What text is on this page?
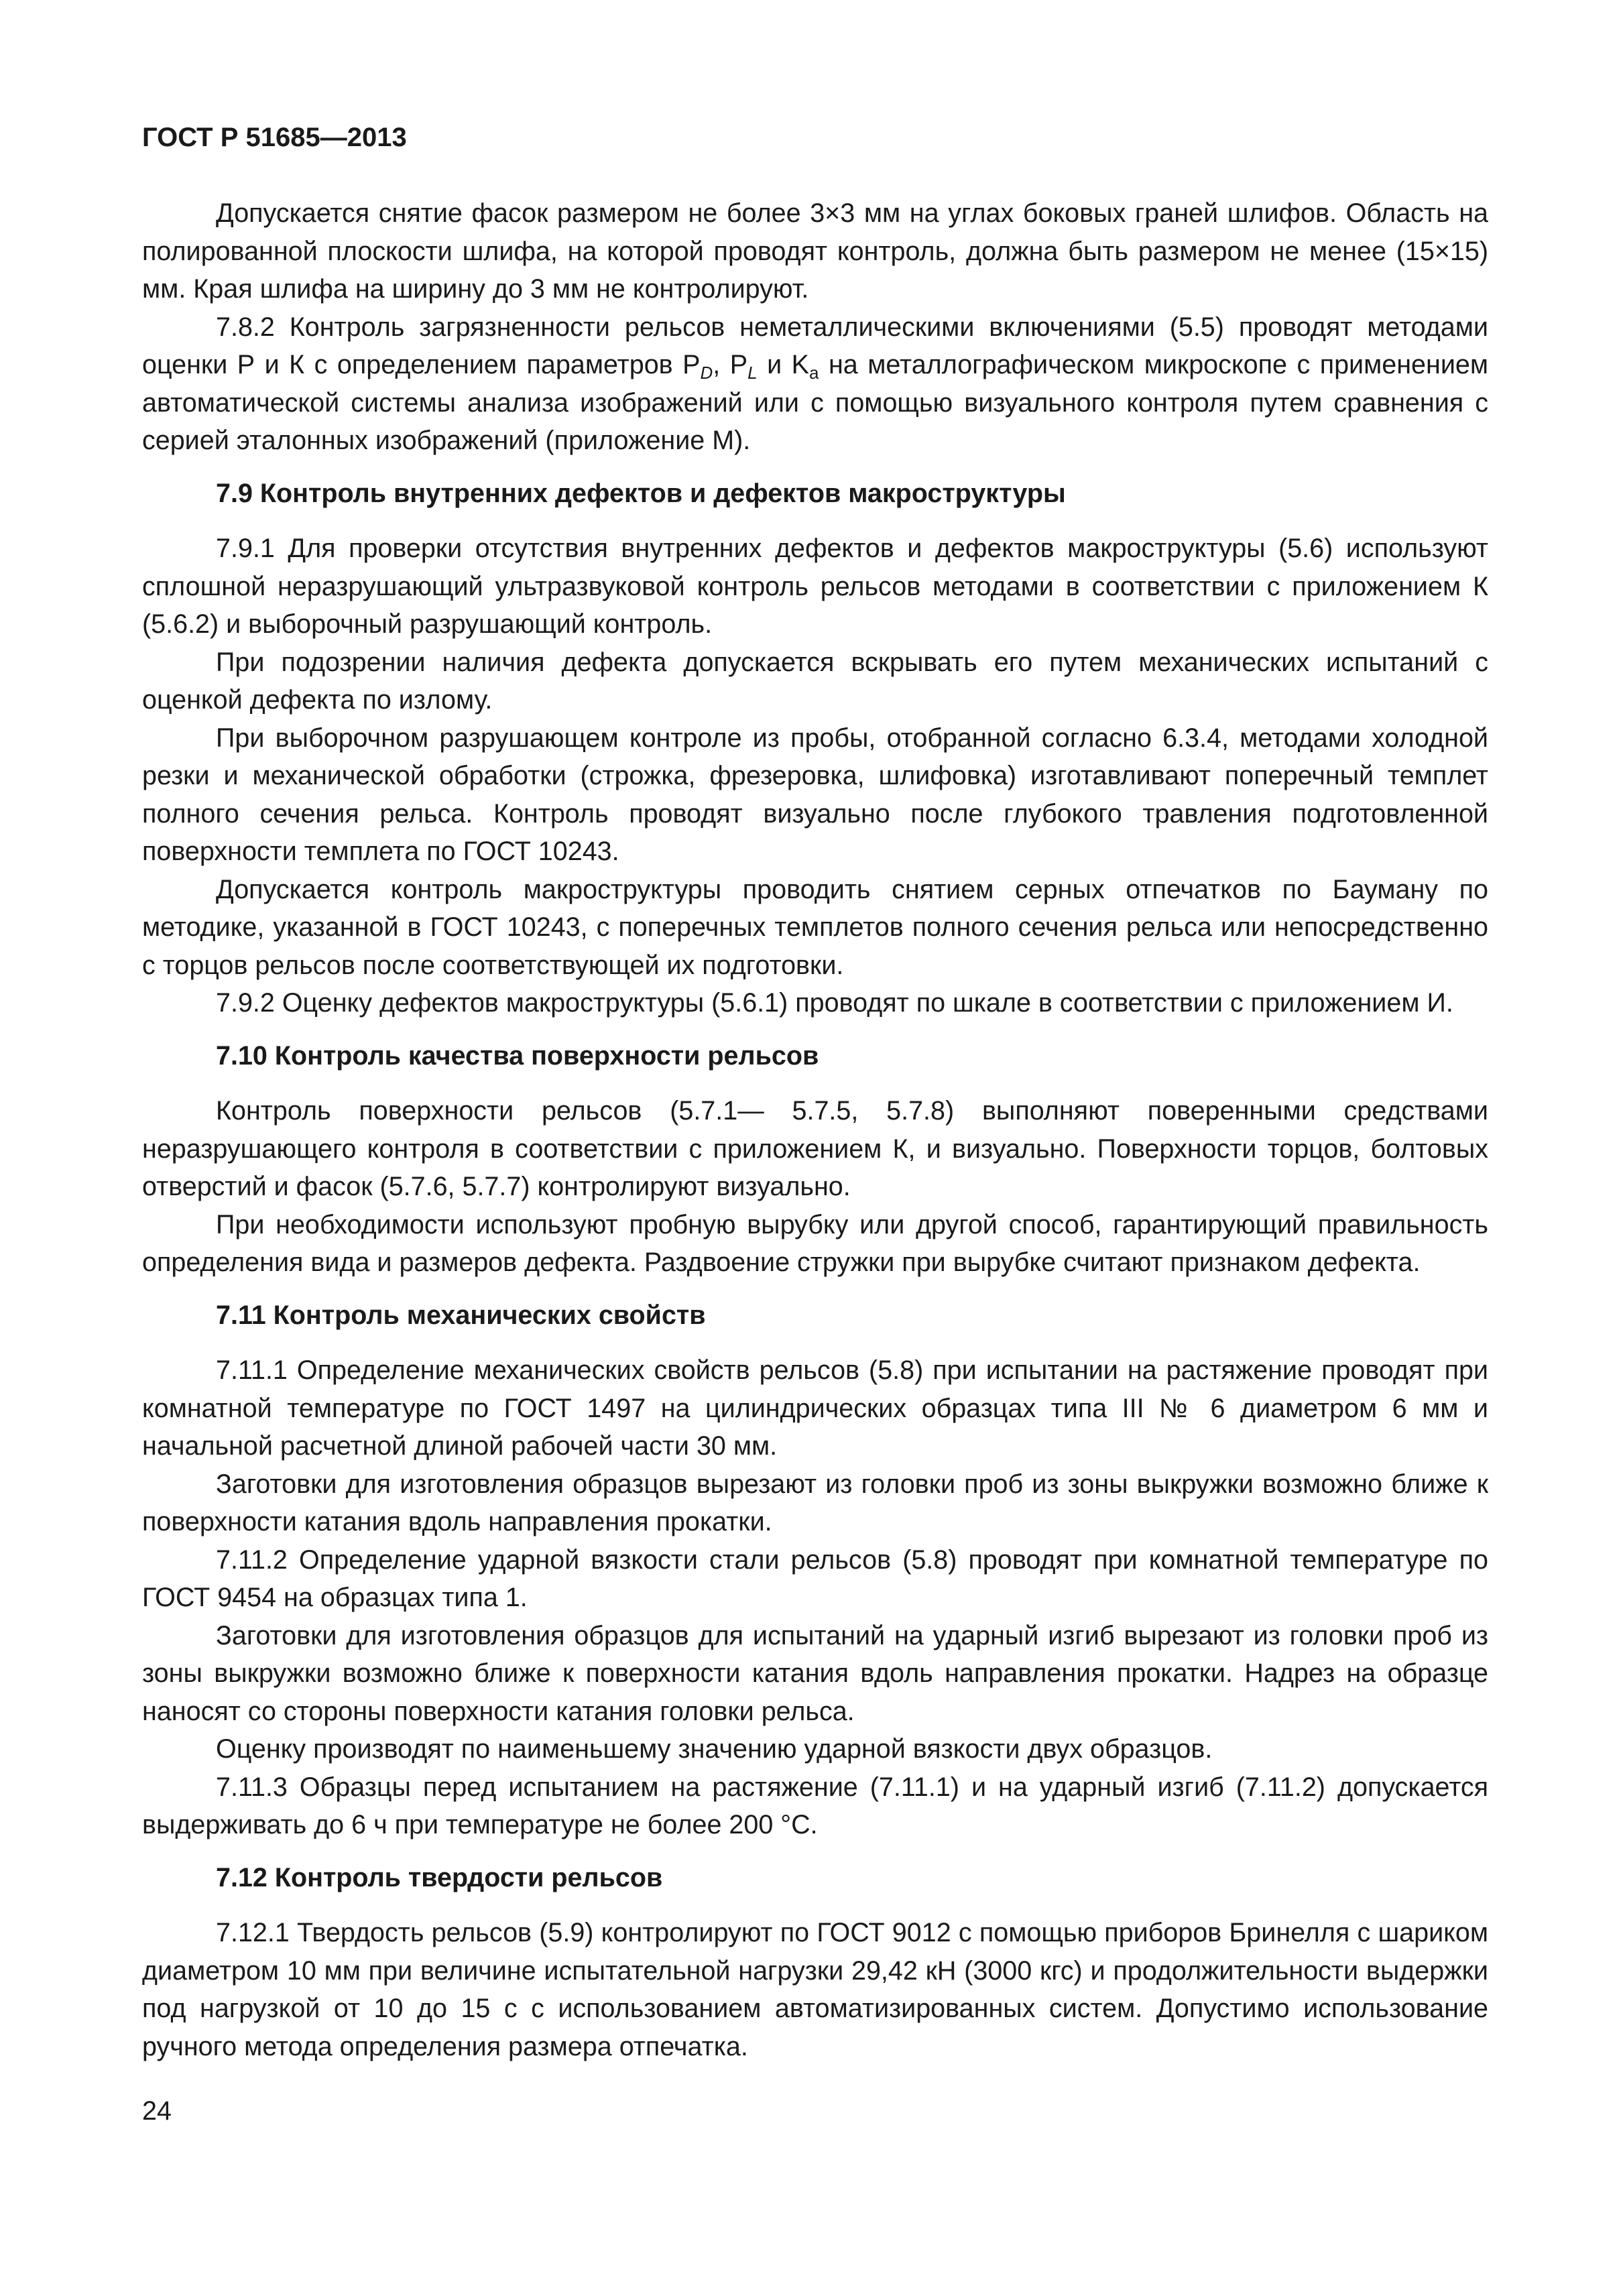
ГОСТ Р 51685—2013

Допускается снятие фасок размером не более 3×3 мм на углах боковых граней шлифов. Область на полированной плоскости шлифа, на которой проводят контроль, должна быть размером не менее (15×15) мм. Края шлифа на ширину до 3 мм не контролируют.

7.8.2 Контроль загрязненности рельсов неметаллическими включениями (5.5) проводят методами оценки Р и К с определением параметров $P_D$, $P_L$ и $K_a$ на металлографическом микроскопе с применением автоматической системы анализа изображений или с помощью визуального контроля путем сравнения с серией эталонных изображений (приложение М).

7.9 Контроль внутренних дефектов и дефектов макроструктуры

7.9.1 Для проверки отсутствия внутренних дефектов и дефектов макроструктуры (5.6) используют сплошной неразрушающий ультразвуковой контроль рельсов методами в соответствии с приложением К (5.6.2) и выборочный разрушающий контроль.

При подозрении наличия дефекта допускается вскрывать его путем механических испытаний с оценкой дефекта по излому.

При выборочном разрушающем контроле из пробы, отобранной согласно 6.3.4, методами холодной резки и механической обработки (строжка, фрезеровка, шлифовка) изготавливают поперечный темплет полного сечения рельса. Контроль проводят визуально после глубокого травления подготовленной поверхности темплета по ГОСТ 10243.

Допускается контроль макроструктуры проводить снятием серных отпечатков по Бауману по методике, указанной в ГОСТ 10243, с поперечных темплетов полного сечения рельса или непосредственно с торцов рельсов после соответствующей их подготовки.

7.9.2 Оценку дефектов макроструктуры (5.6.1) проводят по шкале в соответствии с приложением И.

7.10 Контроль качества поверхности рельсов

Контроль поверхности рельсов (5.7.1— 5.7.5, 5.7.8) выполняют поверенными средствами неразрушающего контроля в соответствии с приложением К, и визуально. Поверхности торцов, болтовых отверстий и фасок (5.7.6, 5.7.7) контролируют визуально.

При необходимости используют пробную вырубку или другой способ, гарантирующий правильность определения вида и размеров дефекта. Раздвоение стружки при вырубке считают признаком дефекта.

7.11 Контроль механических свойств

7.11.1 Определение механических свойств рельсов (5.8) при испытании на растяжение проводят при комнатной температуре по ГОСТ 1497 на цилиндрических образцах типа III № 6 диаметром 6 мм и начальной расчетной длиной рабочей части 30 мм.

Заготовки для изготовления образцов вырезают из головки проб из зоны выкружки возможно ближе к поверхности катания вдоль направления прокатки.

7.11.2 Определение ударной вязкости стали рельсов (5.8) проводят при комнатной температуре по ГОСТ 9454 на образцах типа 1.

Заготовки для изготовления образцов для испытаний на ударный изгиб вырезают из головки проб из зоны выкружки возможно ближе к поверхности катания вдоль направления прокатки. Надрез на образце наносят со стороны поверхности катания головки рельса.

Оценку производят по наименьшему значению ударной вязкости двух образцов.

7.11.3 Образцы перед испытанием на растяжение (7.11.1) и на ударный изгиб (7.11.2) допускается выдерживать до 6 ч при температуре не более 200 °С.

7.12 Контроль твердости рельсов

7.12.1 Твердость рельсов (5.9) контролируют по ГОСТ 9012 с помощью приборов Бринелля с шариком диаметром 10 мм при величине испытательной нагрузки 29,42 кН (3000 кгс) и продолжительности выдержки под нагрузкой от 10 до 15 с с использованием автоматизированных систем. Допустимо использование ручного метода определения размера отпечатка.

24
